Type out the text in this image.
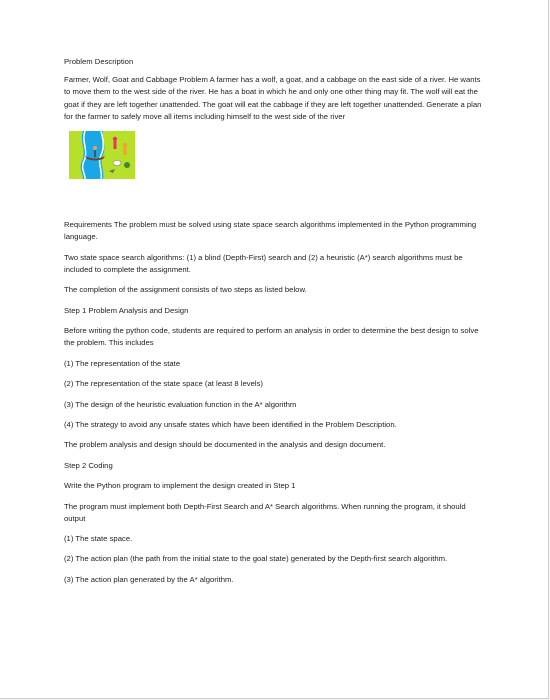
Problem Description

Farmer, Wolf, Goat and Cabbage Problem A farmer has a wolf, a goat, and a cabbage on the east side of a river. He wants to move them to the west side of the river. He has a boat in which he and only one other thing may fit. The wolf will eat the goat if they are left together unattended. The goat will eat the cabbage if they are left together unattended. Generate a plan for the farmer to safely move all items including himself to the west side of the river

Requirements The problem must be solved using state space search algorithms implemented in the Python programming language.

Two state space search algorithms: (1) a blind (Depth-First) search and (2) a heuristic (A*) search algorithms must be included to complete the assignment.

The completion of the assignment consists of two steps as listed below.

Step 1 Problem Analysis and Design

Before writing the python code, students are required to perform an analysis in order to determine the best design to solve the problem. This includes

(1) The representation of the state

(2) The representation of the state space (at least 8 levels)

(3) The design of the heuristic evaluation function in the A* algorithm

(4) The strategy to avoid any unsafe states which have been identified in the Problem Description.

The problem analysis and design should be documented in the analysis and design document.

Step 2 Coding

Write the Python program to implement the design created in Step 1

The program must implement both Depth-First Search and A* Search algorithms. When running the program, it should output

(1) The state space.

(2) The action plan (the path from the initial state to the goal state) generated by the Depth-first search algorithm.

(3) The action plan generated by the A* algorithm.
